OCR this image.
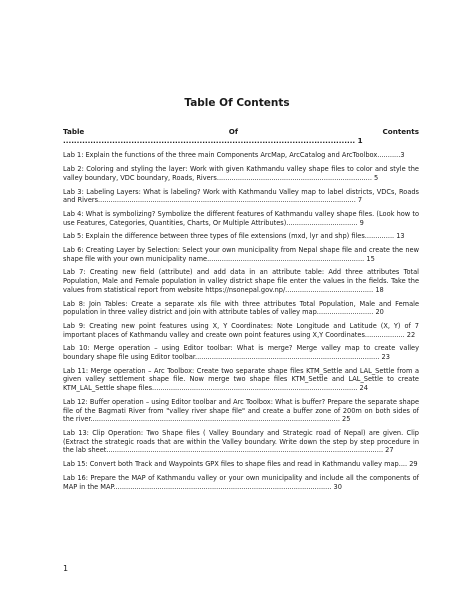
Table Of Contents

Table Of Contents ........................................................................................................... 1

Lab 1: Explain the functions of the three main Components ArcMap, ArcCatalog and ArcToolbox...........3

Lab 2: Coloring and styling the layer: Work with given Kathmandu valley shape files to color and style the valley boundary, VDC boundary, Roads, Rivers.......................................................................... 5

Lab 3: Labeling Layers: What is labeling? Work with Kathmandu Valley map to label districts, VDCs, Roads and Rivers........................................................................................................................... 7

Lab 4: What is symbolizing? Symbolize the different features of Kathmandu valley shape files. (Look how to use Features, Categories, Quantities, Charts, Or Multiple Attributes).................................. 9

Lab 5: Explain the difference between three types of file extensions (mxd, lyr and shp) files.............. 13

Lab 6: Creating Layer by Selection: Select your own municipality from Nepal shape file and create the new shape file with your own municipality name........................................................................... 15

Lab 7: Creating new field (attribute) and add data in an attribute table: Add three attributes Total Population, Male and Female population in valley district shape file enter the values in the fields. Take the values from statistical report from website https://nsonepal.gov.np/.......................................... 18

Lab 8: Join Tables: Create a separate xls file with three attributes Total Population, Male and Female population in three valley district and join with attribute tables of valley map........................... 20

Lab 9: Creating new point features using X, Y Coordinates: Note Longitude and Latitude (X, Y) of 7 important places of Kathmandu valley and create own point features using X,Y Coordinates................... 22

Lab 10: Merge operation – using Editor toolbar: What is merge? Merge valley map to create valley boundary shape file using Editor toolbar........................................................................................ 23

Lab 11: Merge operation – Arc Toolbox: Create two separate shape files KTM_Settle and LAL_Settle from a given valley settlement shape file. Now merge two shape files KTM_Settle and LAL_Settle to create KTM_LAL_Settle shape files.................................................................................................. 24

Lab 12: Buffer operation – using Editor toolbar and Arc Toolbox: What is buffer? Prepare the separate shape file of the Bagmati River from "valley river shape file" and create a buffer zone of 200m on both sides of the river....................................................................................................................... 25

Lab 13: Clip Operation: Two Shape files ( Valley Boundary and Strategic road of Nepal) are given. Clip (Extract the strategic roads that are within the Valley boundary. Write down the step by step procedure in the lab sheet.................................................................................................................................... 27

Lab 15: Convert both Track and Waypoints GPX files to shape files and read in Kathmandu valley map.... 29

Lab 16: Prepare the MAP of Kathmandu valley or your own municipality and include all the components of MAP in the MAP........................................................................................................ 30

1
